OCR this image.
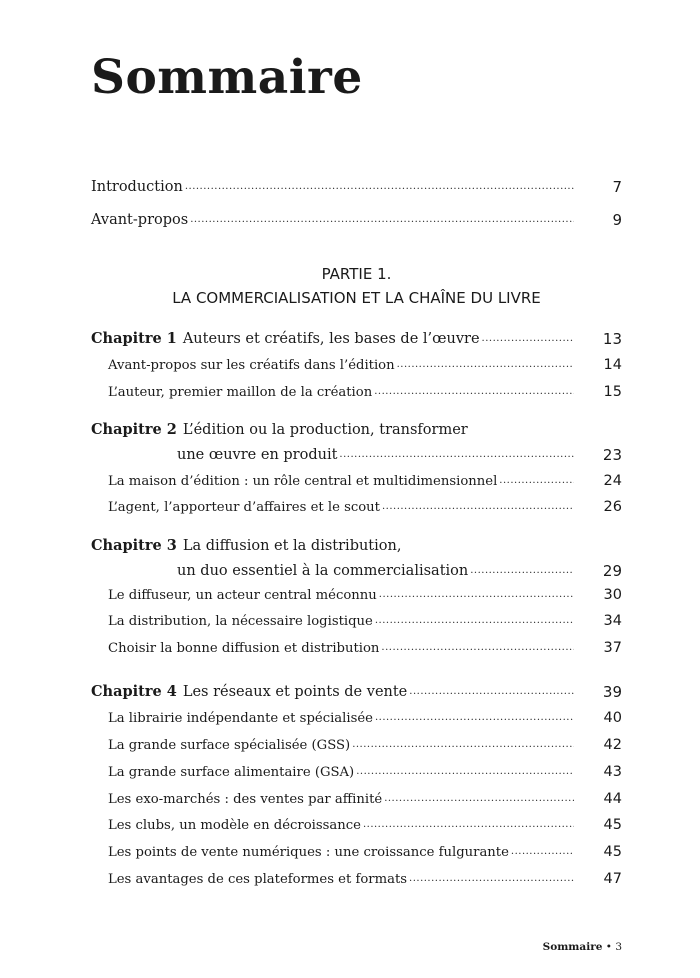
Sommaire
Introduction .....	7
Avant-propos .....	9
PARTIE 1.
LA COMMERCIALISATION ET LA CHAÎNE DU LIVRE
Chapitre 1 Auteurs et créatifs, les bases de l’œuvre .....	13
Avant-propos sur les créatifs dans l’édition .....	14
L’auteur, premier maillon de la création .....	15
Chapitre 2 L’édition ou la production, transformer
une œuvre en produit .....	23
La maison d’édition : un rôle central et multidimensionnel .....	24
L’agent, l’apporteur d’affaires et le scout .....	26
Chapitre 3 La diffusion et la distribution,
un duo essentiel à la commercialisation .....	29
Le diffuseur, un acteur central méconnu .....	30
La distribution, la nécessaire logistique .....	34
Choisir la bonne diffusion et distribution .....	37
Chapitre 4 Les réseaux et points de vente .....	39
La librairie indépendante et spécialisée .....	40
La grande surface spécialisée (GSS) .....	42
La grande surface alimentaire (GSA) .....	43
Les exo-marchés : des ventes par affinité .....	44
Les clubs, un modèle en décroissance .....	45
Les points de vente numériques : une croissance fulgurante .....	45
Les avantages de ces plateformes et formats .....	47
Sommaire • 3
